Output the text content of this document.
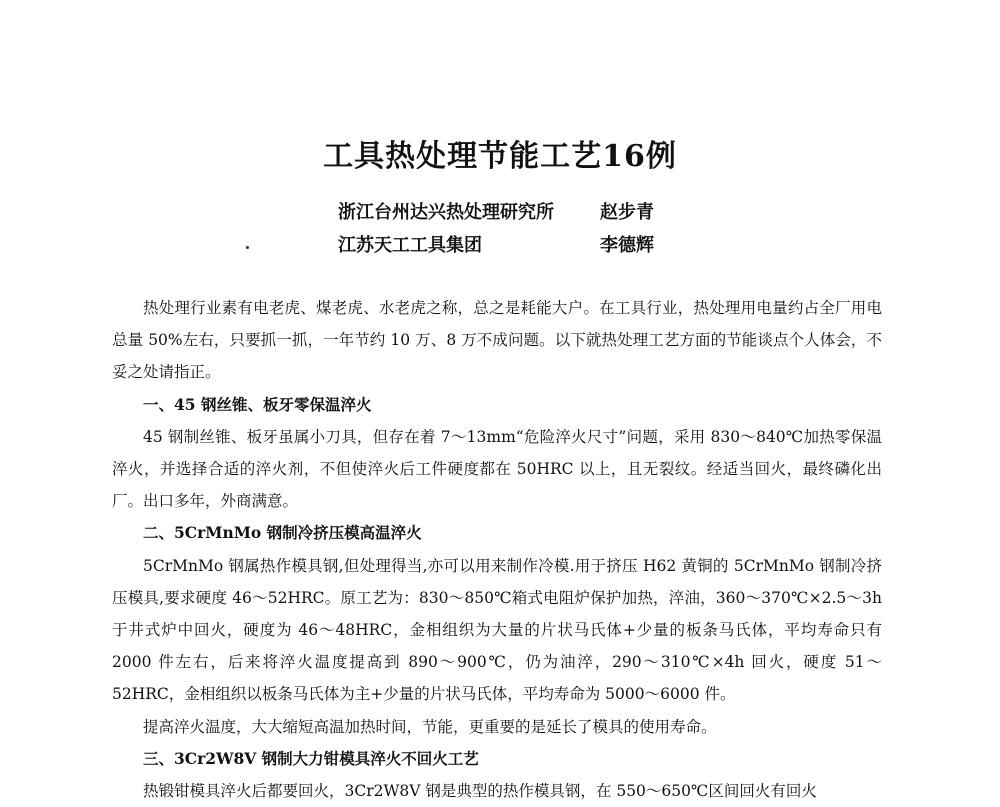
工具热处理节能工艺16例
浙江台州达兴热处理研究所	赵步青
江苏天工工具集团	李德辉

热处理行业素有电老虎、煤老虎、水老虎之称，总之是耗能大户。在工具行业，热处理用电量约占全厂用电总量 50%左右，只要抓一抓，一年节约 10 万、8 万不成问题。以下就热处理工艺方面的节能谈点个人体会，不妥之处请指正。

一、45 钢丝锥、板牙零保温淬火

45 钢制丝锥、板牙虽属小刀具，但存在着 7～13mm“危险淬火尺寸”问题，采用 830～840℃加热零保温淬火，并选择合适的淬火剂，不但使淬火后工件硬度都在 50HRC 以上，且无裂纹。经适当回火，最终磷化出厂。出口多年，外商满意。

二、5CrMnMo 钢制冷挤压模高温淬火

5CrMnMo 钢属热作模具钢,但处理得当,亦可以用来制作冷模.用于挤压 H62 黄铜的 5CrMnMo 钢制冷挤压模具,要求硬度 46～52HRC。原工艺为：830～850℃箱式电阻炉保护加热，淬油，360～370℃×2.5～3h 于井式炉中回火，硬度为 46～48HRC，金相组织为大量的片状马氏体+少量的板条马氏体，平均寿命只有 2000 件左右，后来将淬火温度提高到 890～900℃，仍为油淬，290～310℃×4h 回火，硬度 51～52HRC，金相组织以板条马氏体为主+少量的片状马氏体，平均寿命为 5000～6000 件。

提高淬火温度，大大缩短高温加热时间，节能，更重要的是延长了模具的使用寿命。

三、3Cr2W8V 钢制大力钳模具淬火不回火工艺

热锻钳模具淬火后都要回火，3Cr2W8V 钢是典型的热作模具钢，在 550～650℃区间回火有回火
